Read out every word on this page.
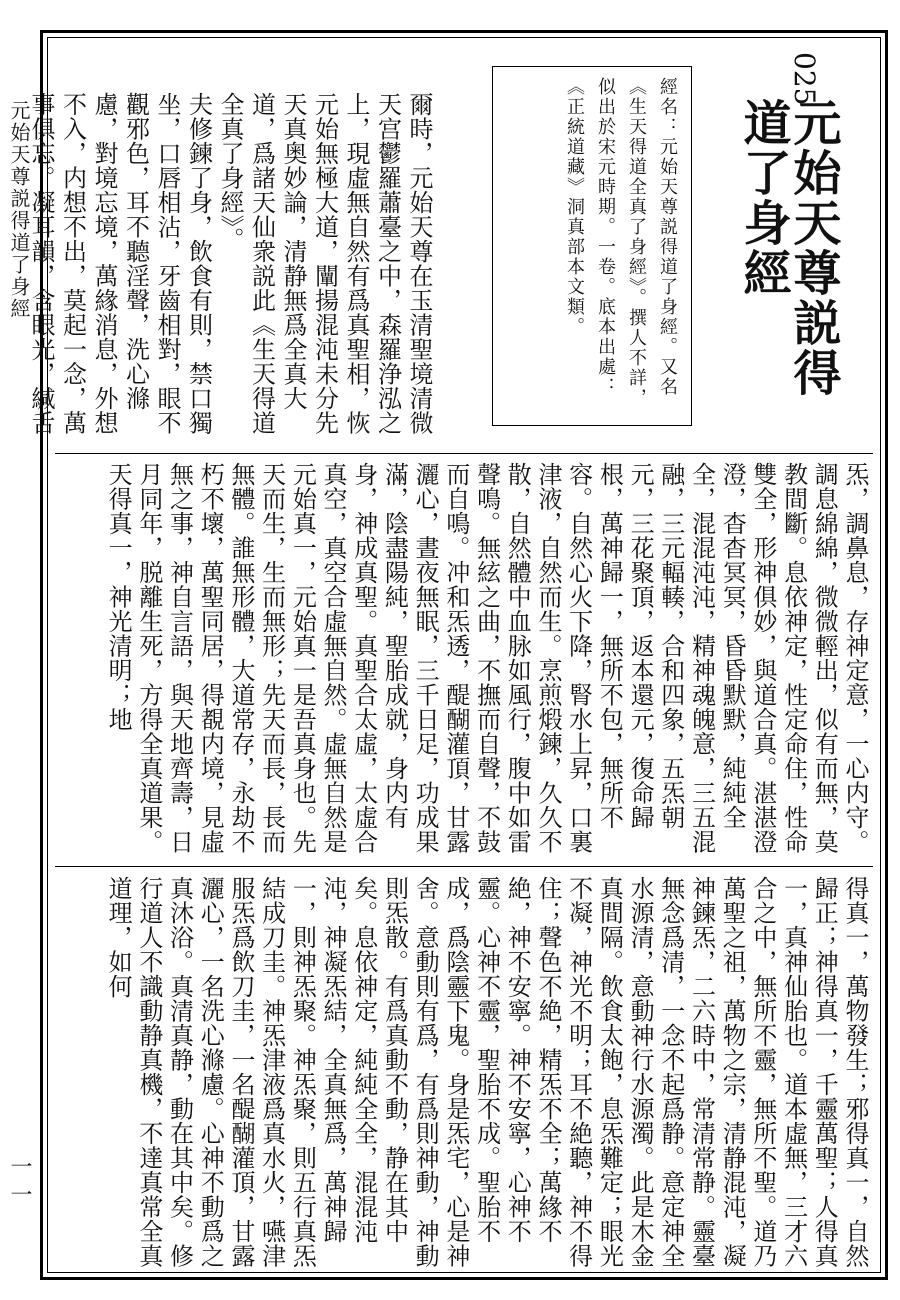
元始天尊説得道了身經
一一
025
元始天尊説得道了身經

經名：元始天尊説得道了身經。又名《生天得道全真了身經》。撰人不詳，似出於宋元時期。一卷。底本出處：《正統道藏》洞真部本文類。

爾時，元始天尊在玉清聖境清微天宫鬱羅蕭臺之中，森羅浄泓之上，現虛無自然有爲真聖相，恢元始無極大道，闡揚混沌未分先天真奥妙論，清静無爲全真大道，爲諸天仙衆説此《生天得道全真了身經》。

夫修鍊了身，飲食有則，禁口獨坐，口唇相沾，牙齒相對，眼不觀邪色，耳不聽淫聲，洗心滌慮，對境忘境，萬緣消息，外想不入，内想不出，莫起一念，萬事俱忘。凝耳韻，含眼光，緘舌

炁，調鼻息，存神定意，一心内守。調息綿綿，微微輕出，似有而無，莫教間斷。息依神定，性定命住，性命雙全，形神俱妙，與道合真。湛湛澄澄，杳杳冥冥，昏昏默默，純純全全，混混沌沌，精神魂魄意，三五混融，三元輻輳，合和四象，五炁朝元，三花聚頂，返本還元，復命歸根，萬神歸一，無所不包，無所不容。自然心火下降，腎水上昇，口裏津液，自然而生。烹煎煅鍊，久久不散，自然體中血脉如風行，腹中如雷聲鳴。無絃之曲，不撫而自聲，不鼓而自鳴。冲和炁透，醍醐灌頂，甘露灑心，晝夜無眠，三千日足，功成果滿，陰盡陽純，聖胎成就，身内有身，神成真聖。真聖合太虛，太虛合真空，真空合虛無自然。虛無自然是元始真一，元始真一是吾真身也。先天而生，生而無形；先天而長，長而無體。誰無形體，大道常存，永劫不朽不壞，萬聖同居，得覩内境，見虛無之事，神自言語，與天地齊壽，日月同年，脱離生死，方得全真道果。天得真一，神光清明；地

得真一，萬物發生；邪得真一，自然歸正；神得真一，千靈萬聖；人得真一，真神仙胎也。道本虛無，三才六合之中，無所不靈，無所不聖。道乃萬聖之祖，萬物之宗，清静混沌，凝神鍊炁，二六時中，常清常静。靈臺無念爲清，一念不起爲静。意定神全水源清，意動神行水源濁。此是木金真間隔。飲食太飽，息炁難定；眼光不凝，神光不明；耳不絶聽，神不得住；聲色不絶，精炁不全；萬緣不絶，神不安寧。神不安寧，心神不靈。心神不靈，聖胎不成。聖胎不成，爲陰靈下鬼。身是炁宅，心是神舍。意動則有爲，有爲則神動，神動則炁散。有爲真動不動，静在其中矣。息依神定，純純全全，混混沌沌，神凝炁結，全真無爲，萬神歸一，則神炁聚。神炁聚，則五行真炁結成刀圭。神炁津液爲真水火，嚥津服炁爲飲刀圭，一名醍醐灌頂，甘露灑心，一名洗心滌慮。心神不動爲之真沐浴。真清真静，動在其中矣。修行道人不識動静真機，不達真常全真道理，如何
